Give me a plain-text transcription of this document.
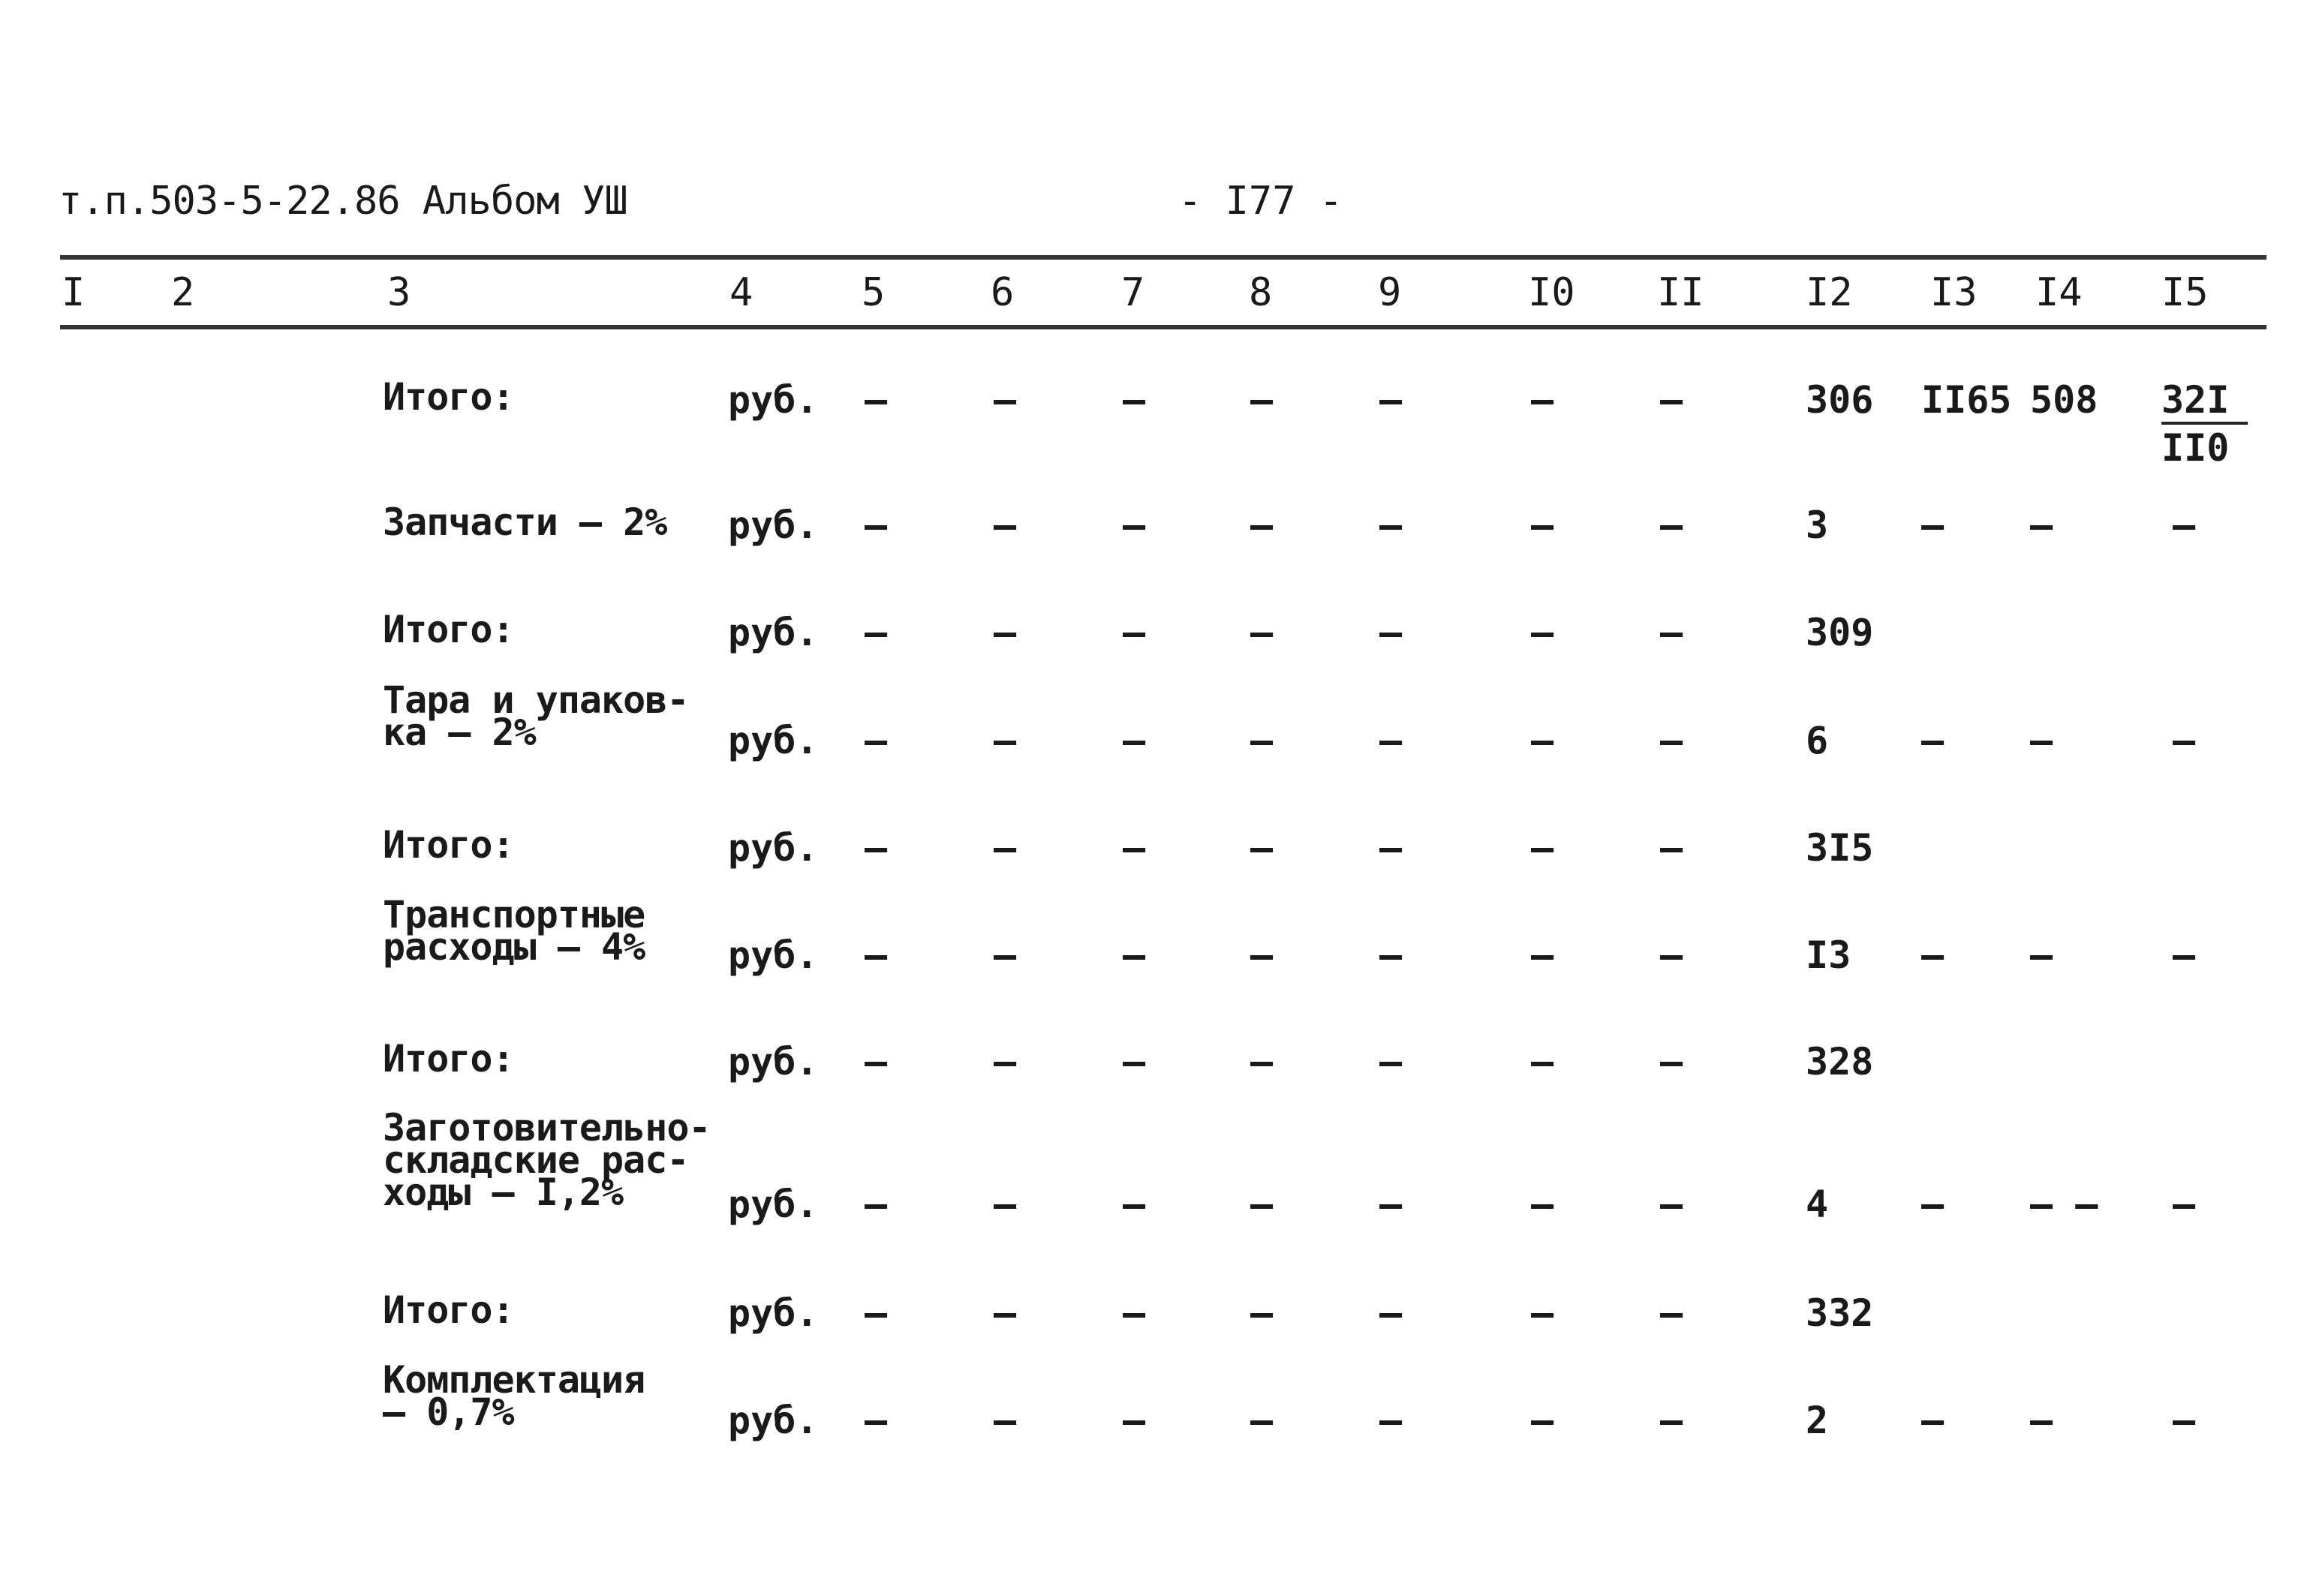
т.п.503-5-22.86 Альбом УШ	- I77 -
I 2	3	4	5	6	7	8	9	I0 II	I2 I3 I4 I5
Итого:	руб. –	–	–	–	–	–	–	306 II65 $508 \frac{32I}{II0}$
Запчасти – 2% руб. –	–	–	–	–	–	–	3 – –	–
Итого:	руб. –	–	–	–	–	–	–	309
Тара и упаков-
ка – 2%	руб. –	–	–	–	–	–	–	6 – –	–
Итого:	руб. –	–	–	–	–	–	–	3I5
Транспортные
расходы – 4% руб. –	–	–	–	–	–	–	I3 – –	–
Итого:	руб. –	–	–	–	–	–	–	328
Заготовительно-
складские рас-
ходы – I,2%	руб. –	–	–	–	–	–	–	4 – – – –
Итого:	руб. –	–	–	–	–	–	–	332
Комплектация
– 0,7%	руб. –	–	–	–	–	–	–	2 – –	–
